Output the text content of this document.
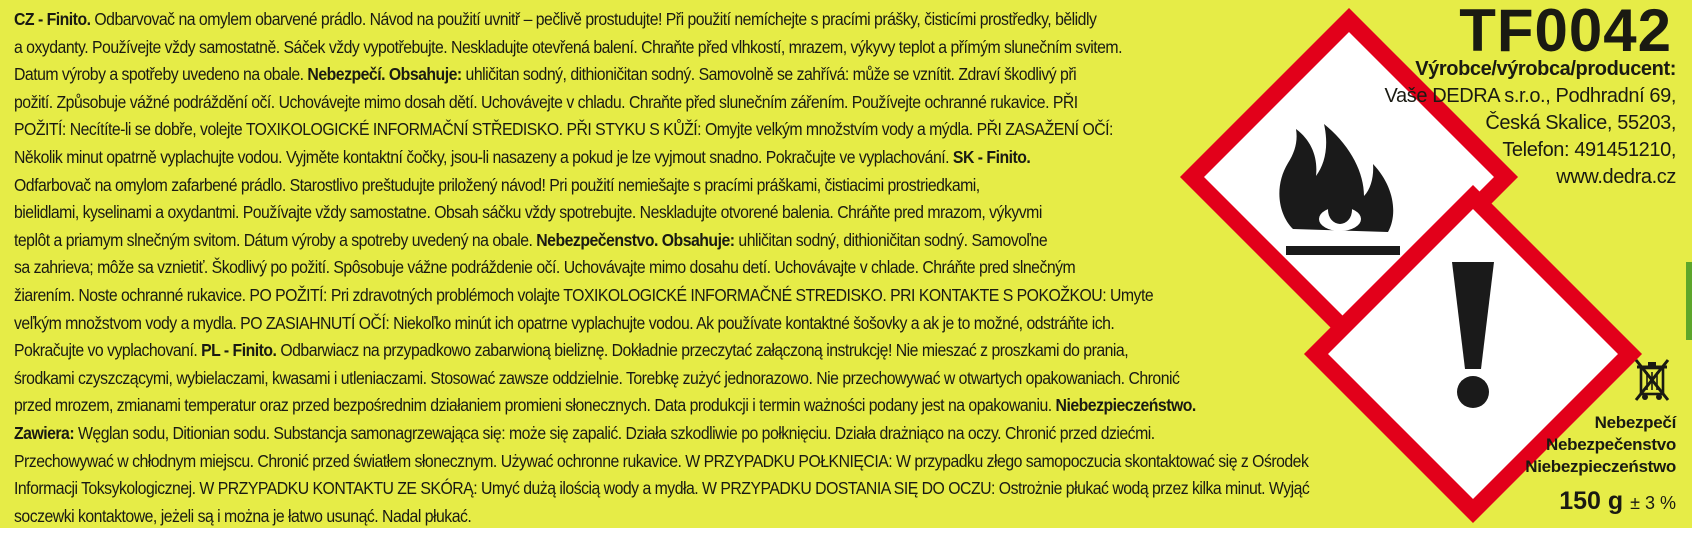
CZ - Finito. Odbarvovač na omylem obarvené prádlo. Návod na použití uvnitř – pečlivě prostudujte! Při použití nemíchejte s pracími prášky, čisticími prostředky, bělidly
a oxydanty. Používejte vždy samostatně. Sáček vždy vypotřebujte. Neskladujte otevřená balení. Chraňte před vlhkostí, mrazem, výkyvy teplot a přímým slunečním svitem.
Datum výroby a spotřeby uvedeno na obale. Nebezpečí. Obsahuje: uhličitan sodný, dithioničitan sodný. Samovolně se zahřívá: může se vznítit. Zdraví škodlivý při
požití. Způsobuje vážné podráždění očí. Uchovávejte mimo dosah dětí. Uchovávejte v chladu. Chraňte před slunečním zářením. Používejte ochranné rukavice. PŘI
POŽITÍ: Necítíte-li se dobře, volejte TOXIKOLOGICKÉ INFORMAČNÍ STŘEDISKO. PŘI STYKU S KŮŽÍ: Omyjte velkým množstvím vody a mýdla. PŘI ZASAŽENÍ OČÍ:
Několik minut opatrně vyplachujte vodou. Vyjměte kontaktní čočky, jsou-li nasazeny a pokud je lze vyjmout snadno. Pokračujte ve vyplachování. SK - Finito.
Odfarbovač na omylom zafarbené prádlo. Starostlivo preštudujte priložený návod! Pri použití nemiešajte s pracími práškami, čistiacimi prostriedkami,
bielidlami, kyselinami a oxydantmi. Používajte vždy samostatne. Obsah sáčku vždy spotrebujte. Neskladujte otvorené balenia. Chráňte pred mrazom, výkyvmi
teplôt a priamym slnečným svitom. Dátum výroby a spotreby uvedený na obale. Nebezpečenstvo. Obsahuje: uhličitan sodný, dithioničitan sodný. Samovoľne
sa zahrieva; môže sa vznietiť. Škodlivý po požití. Spôsobuje vážne podráždenie očí. Uchovávajte mimo dosahu detí. Uchovávajte v chlade. Chráňte pred slnečným
žiarením. Noste ochranné rukavice. PO POŽITÍ: Pri zdravotných problémoch volajte TOXIKOLOGICKÉ INFORMAČNÉ STREDISKO. PRI KONTAKTE S POKOŽKOU: Umyte
veľkým množstvom vody a mydla. PO ZASIAHNUTÍ OČÍ: Niekoľko minút ich opatrne vyplachujte vodou. Ak používate kontaktné šošovky a ak je to možné, odstráňte ich.
Pokračujte vo vyplachovaní. PL - Finito. Odbarwiacz na przypadkowo zabarwioną bieliznę. Dokładnie przeczytać załączoną instrukcję! Nie mieszać z proszkami do prania,
środkami czyszczącymi, wybielaczami, kwasami i utleniaczami. Stosować zawsze oddzielnie. Torebkę zużyć jednorazowo. Nie przechowywać w otwartych opakowaniach. Chronić
przed mrozem, zmianami temperatur oraz przed bezpośrednim działaniem promieni słonecznych. Data produkcji i termin ważności podany jest na opakowaniu. Niebezpieczeństwo.
Zawiera: Węglan sodu, Ditionian sodu. Substancja samonagrzewająca się: może się zapalić. Działa szkodliwie po połknięciu. Działa drażniąco na oczy. Chronić przed dziećmi.
Przechowywać w chłodnym miejscu. Chronić przed światłem słonecznym. Używać ochronne rukavice. W PRZYPADKU POŁKNIĘCIA: W przypadku złego samopoczucia skontaktować się z Ośrodek
Informacji Toksykologicznej. W PRZYPADKU KONTAKTU ZE SKÓRĄ: Umyć dużą ilością wody a mydła. W PRZYPADKU DOSTANIA SIĘ DO OCZU: Ostrożnie płukać wodą przez kilka minut. Wyjąć
soczewki kontaktowe, jeżeli są i można je łatwo usunąć. Nadal płukać.
TF0042
Výrobce/výrobca/producent:
Vaše DEDRA s.r.o., Podhradní 69,
Česká Skalice, 55203,
Telefon: 491451210,
www.dedra.cz
Nebezpečí
Nebezpečenstvo
Niebezpieczeństwo
150 g ± 3 %
